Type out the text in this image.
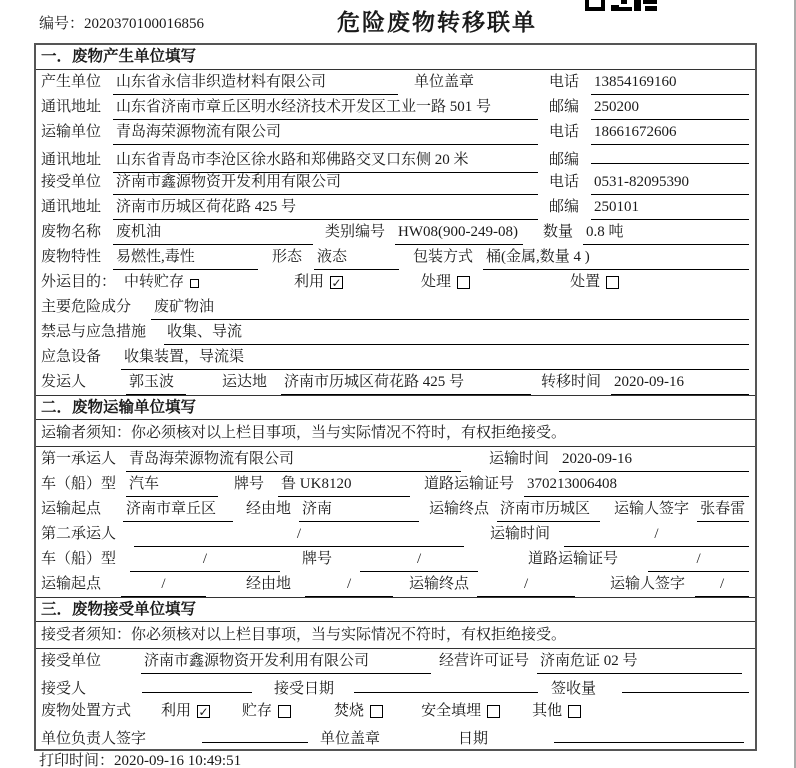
编号：2020370100016856	危险废物转移联单
一．废物产生单位填写
产生单位 山东省永信非织造材料有限公司	单位盖章	电话 13854169160
通讯地址 山东省济南市章丘区明水经济技术开发区工业一路 501 号	邮编 250200
运输单位 青岛海荣源物流有限公司	电话 18661672606
通讯地址 山东省青岛市李沧区徐水路和郑佛路交叉口东侧 20 米	邮编
接受单位 济南市鑫源物资开发利用有限公司	电话 0531-82095390
通讯地址 济南市历城区荷花路 425 号	邮编 250101
废物名称 废机油	类别编号 HW08(900-249-08)	数量 0.8 吨
废物特性 易燃性,毒性	形态 液态	包装方式 桶(金属,数量 4 )
外运目的： 中转贮存	利用 ✓	处理	处置
主要危险成分 废矿物油
禁忌与应急措施 收集、导流
应急设备 收集装置，导流渠
发运人	郭玉波	运达地 济南市历城区荷花路 425 号	转移时间 2020-09-16
二．废物运输单位填写
运输者须知：你必须核对以上栏目事项，当与实际情况不符时，有权拒绝接受。
第一承运人 青岛海荣源物流有限公司	运输时间 2020-09-16
车（船）型 汽车	牌号 鲁 UK8120	道路运输证号 370213006408
运输起点 济南市章丘区	经由地 济南	运输终点 济南市历城区	运输人签字 张春雷
第二承运人	/	运输时间	/
车（船）型	/	牌号	/	道路运输证号	/
运输起点	/	经由地	/	运输终点	/	运输人签字	/
三．废物接受单位填写
接受者须知：你必须核对以上栏目事项，当与实际情况不符时，有权拒绝接受。
接受单位	济南市鑫源物资开发利用有限公司	经营许可证号 济南危证 02 号
接受人	接受日期	签收量
废物处置方式 利用 ✓ 贮存	焚烧	安全填埋	其他
单位负责人签字	单位盖章	日期
打印时间：2020-09-16 10:49:51
